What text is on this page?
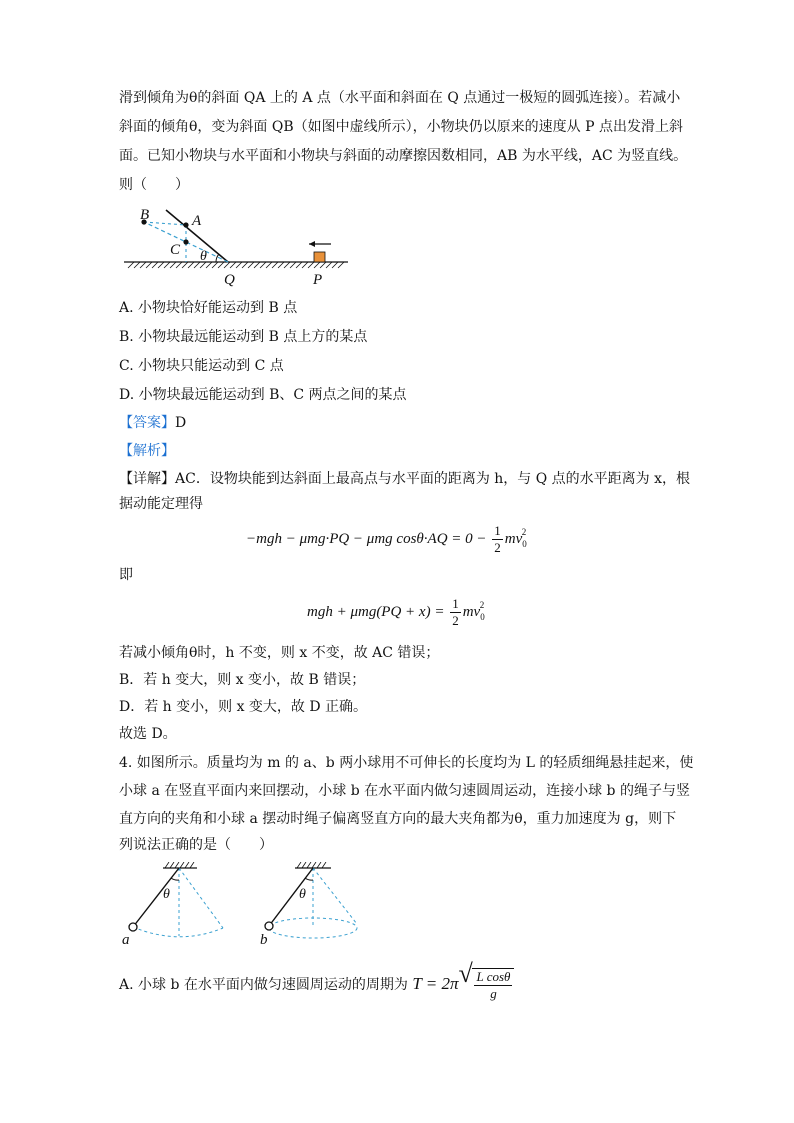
滑到倾角为θ的斜面 QA 上的 A 点（水平面和斜面在 Q 点通过一极短的圆弧连接）。若减小
斜面的倾角θ，变为斜面 QB（如图中虚线所示），小物块仍以原来的速度从 P 点出发滑上斜
面。已知小物块与水平面和小物块与斜面的动摩擦因数相同，AB 为水平线，AC 为竖直线。
则（　　）
B	A
C θ
Q	P
A. 小物块恰好能运动到 B 点
B. 小物块最远能运动到 B 点上方的某点
C. 小物块只能运动到 C 点
D. 小物块最远能运动到 B、C 两点之间的某点
【答案】D
【解析】
【详解】AC．设物块能到达斜面上最高点与水平面的距离为 h，与 Q 点的水平距离为 x，根
据动能定理得
−mgh − μmg·PQ − μmg $\cos\theta\cdot AQ = 0 - \frac{1}{2} mv_0^2$
即
mgh + $\mu mg(PQ + x) = \frac{1}{2} mv_0^2$
若减小倾角θ时，h 不变，则 x 不变，故 AC 错误；
B．若 h 变大，则 x 变小，故 B 错误；
D．若 h 变小，则 x 变大，故 D 正确。
故选 D。
4. 如图所示。质量均为 m 的 a、b 两小球用不可伸长的长度均为 L 的轻质细绳悬挂起来，使
小球 a 在竖直平面内来回摆动，小球 b 在水平面内做匀速圆周运动，连接小球 b 的绳子与竖
直方向的夹角和小球 a 摆动时绳子偏离竖直方向的最大夹角都为θ，重力加速度为 g，则下
列说法正确的是（　　）
θ
a
θ
b
A. 小球 b 在水平面内做匀速圆周运动的周期为 T = 2π √ $\frac{\text{L cosθ}}{g}$
